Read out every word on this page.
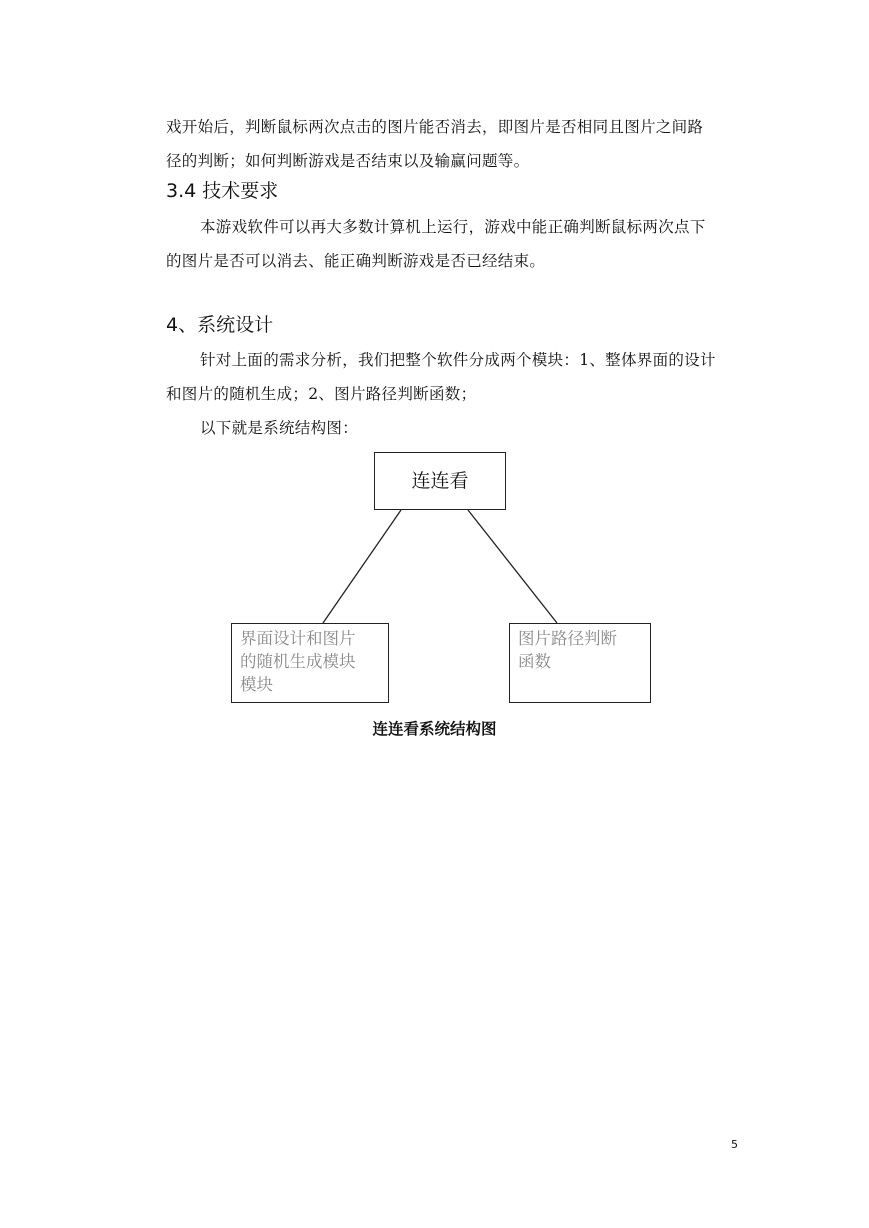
戏开始后，判断鼠标两次点击的图片能否消去，即图片是否相同且图片之间路
径的判断；如何判断游戏是否结束以及输赢问题等。
3.4 技术要求
本游戏软件可以再大多数计算机上运行，游戏中能正确判断鼠标两次点下
的图片是否可以消去、能正确判断游戏是否已经结束。
4、系统设计
针对上面的需求分析，我们把整个软件分成两个模块：1、整体界面的设计
和图片的随机生成；2、图片路径判断函数；
以下就是系统结构图：
连连看
界面设计和图片
的随机生成模块
模块
图片路径判断
函数
连连看系统结构图
5
